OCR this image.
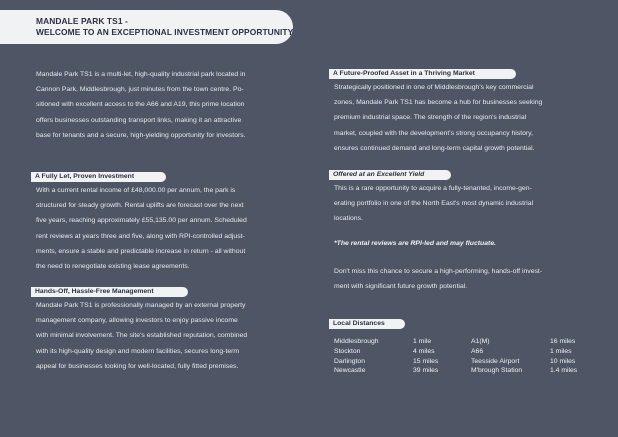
MANDALE PARK TS1 -
WELCOME TO AN EXCEPTIONAL INVESTMENT OPPORTUNITY
Mandale Park TS1 is a multi-let, high-quality industrial park located in
Cannon Park, Middlesbrough, just minutes from the town centre. Po-
sitioned with excellent access to the A66 and A19, this prime location
offers businesses outstanding transport links, making it an attractive
base for tenants and a secure, high-yielding opportunity for investors.
A Fully Let, Proven Investment
With a current rental income of £48,000.00 per annum, the park is
structured for steady growth. Rental uplifts are forecast over the next
five years, reaching approximately £55,135.00 per annum. Scheduled
rent reviews at years three and five, along with RPI-controlled adjust-
ments, ensure a stable and predictable increase in return - all without
the need to renegotiate existing lease agreements.
Hands-Off, Hassle-Free Management
Mandale Park TS1 is professionally managed by an external property
management company, allowing investors to enjoy passive income
with minimal involvement. The site's established reputation, combined
with its high-quality design and modern facilities, secures long-term
appeal for businesses looking for well-located, fully fitted premises.
A Future-Proofed Asset in a Thriving Market
Strategically positioned in one of Middlesbrough's key commercial
zones, Mandale Park TS1 has become a hub for businesses seeking
premium industrial space. The strength of the region's industrial
market, coupled with the development's strong occupancy history,
ensures continued demand and long-term capital growth potential.
Offered at an Excellent Yield
This is a rare opportunity to acquire a fully-tenanted, income-gen-
erating portfolio in one of the North East's most dynamic industrial
locations.
*The rental reviews are RPI-led and may fluctuate.
Don't miss this chance to secure a high-performing, hands-off invest-
ment with significant future growth potential.
Local Distances
Middlesbrough	1 mile	A1(M)	16 miles
Stockton	4 miles	A66	1 miles
Darlington	15 miles	Teesside Airport	10 miles
Newcastle	39 miles	M'brough Station	1.4 miles
